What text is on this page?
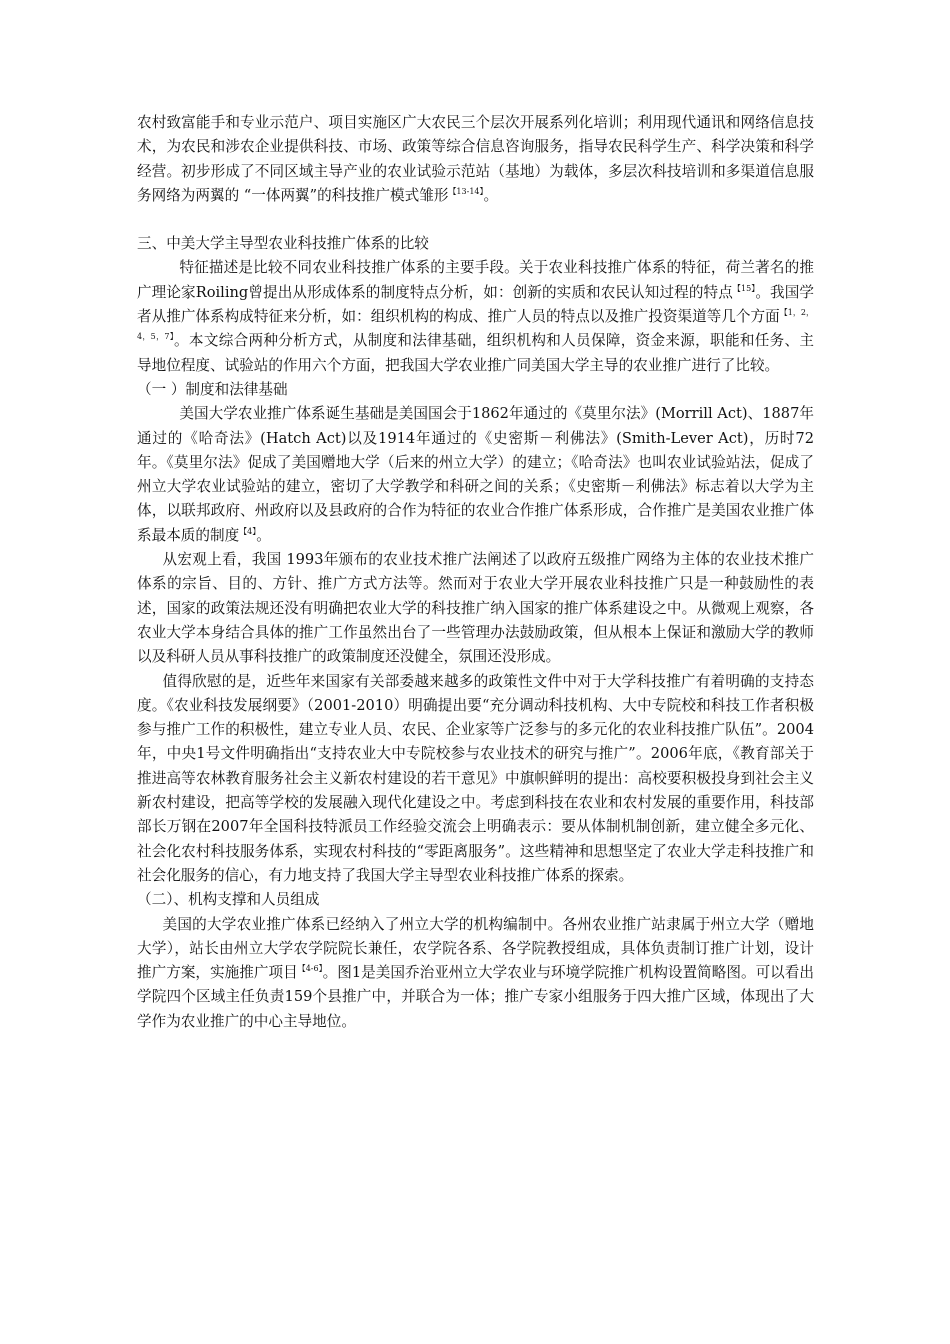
农村致富能手和专业示范户、项目实施区广大农民三个层次开展系列化培训；利用现代通讯和网络信息技术，为农民和涉农企业提供科技、市场、政策等综合信息咨询服务，指导农民科学生产、科学决策和科学经营。初步形成了不同区域主导产业的农业试验示范站（基地）为载体，多层次科技培训和多渠道信息服务网络为两翼的 “一体两翼”的科技推广模式雏形$^{【13-14】}$。

三、中美大学主导型农业科技推广体系的比较

特征描述是比较不同农业科技推广体系的主要手段。关于农业科技推广体系的特征，荷兰著名的推广理论家Roiling曾提出从形成体系的制度特点分析，如：创新的实质和农民认知过程的特点$^{【15】}$。我国学者从推广体系构成特征来分析，如：组织机构的构成、推广人员的特点以及推广投资渠道等几个方面$^{【1,2,4,5,7】}$。本文综合两种分析方式，从制度和法律基础，组织机构和人员保障，资金来源，职能和任务、主导地位程度、试验站的作用六个方面，把我国大学农业推广同美国大学主导的农业推广进行了比较。

（一 ）制度和法律基础

美国大学农业推广体系诞生基础是美国国会于1862年通过的《莫里尔法》(Morrill Act)、1887年通过的《哈奇法》(Hatch Act)以及1914年通过的《史密斯－利佛法》(Smith-Lever Act)，历时72年。《莫里尔法》促成了美国赠地大学（后来的州立大学）的建立；《哈奇法》也叫农业试验站法，促成了州立大学农业试验站的建立，密切了大学教学和科研之间的关系；《史密斯－利佛法》标志着以大学为主体，以联邦政府、州政府以及县政府的合作为特征的农业合作推广体系形成，合作推广是美国农业推广体系最本质的制度$^{【4】}$。

从宏观上看，我国 1993年颁布的农业技术推广法阐述了以政府五级推广网络为主体的农业技术推广体系的宗旨、目的、方针、推广方式方法等。然而对于农业大学开展农业科技推广只是一种鼓励性的表述，国家的政策法规还没有明确把农业大学的科技推广纳入国家的推广体系建设之中。从微观上观察，各农业大学本身结合具体的推广工作虽然出台了一些管理办法鼓励政策，但从根本上保证和激励大学的教师以及科研人员从事科技推广的政策制度还没健全，氛围还没形成。

值得欣慰的是，近些年来国家有关部委越来越多的政策性文件中对于大学科技推广有着明确的支持态度。《农业科技发展纲要》（2001-2010）明确提出要“充分调动科技机构、大中专院校和科技工作者积极参与推广工作的积极性，建立专业人员、农民、企业家等广泛参与的多元化的农业科技推广队伍”。2004年，中央1号文件明确指出“支持农业大中专院校参与农业技术的研究与推广”。2006年底，《教育部关于推进高等农林教育服务社会主义新农村建设的若干意见》中旗帜鲜明的提出：高校要积极投身到社会主义新农村建设，把高等学校的发展融入现代化建设之中。考虑到科技在农业和农村发展的重要作用，科技部部长万钢在2007年全国科技特派员工作经验交流会上明确表示：要从体制机制创新，建立健全多元化、社会化农村科技服务体系，实现农村科技的“零距离服务”。这些精神和思想坚定了农业大学走科技推广和社会化服务的信心，有力地支持了我国大学主导型农业科技推广体系的探索。

（二）、机构支撑和人员组成

美国的大学农业推广体系已经纳入了州立大学的机构编制中。各州农业推广站隶属于州立大学（赠地大学），站长由州立大学农学院院长兼任，农学院各系、各学院教授组成，具体负责制订推广计划，设计推广方案，实施推广项目$^{【4-6】}$。图1是美国乔治亚州立大学农业与环境学院推广机构设置简略图。可以看出学院四个区域主任负责159个县推广中，并联合为一体；推广专家小组服务于四大推广区域，体现出了大学作为农业推广的中心主导地位。
